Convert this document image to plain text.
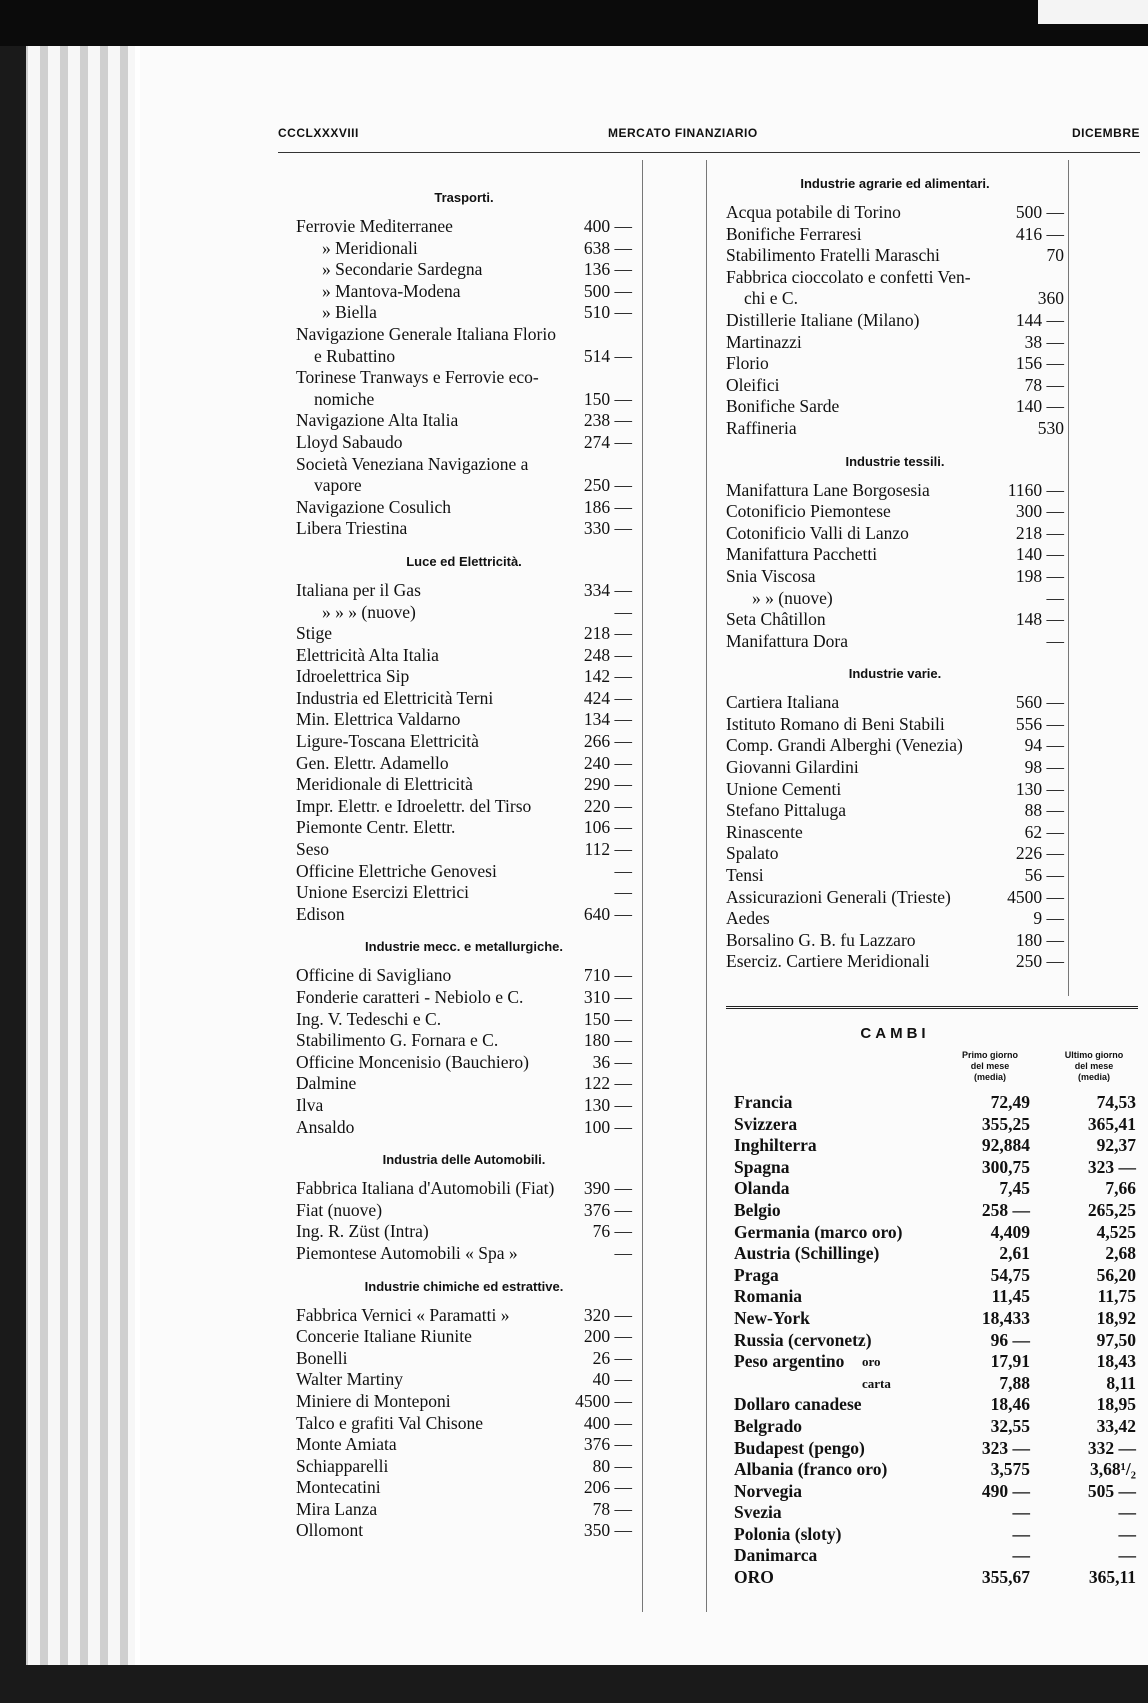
CCCLXXXVIII	MERCATO FINANZIARIO	DICEMBRE
Trasporti.
Ferrovie Mediterranee	400 —
» Meridionali	638 —
» Secondarie Sardegna	136 —
» Mantova-Modena	500 —
» Biella	510 —
Navigazione Generale Italiana Florio
e Rubattino	514 —
Torinese Tranways e Ferrovie eco-
nomiche	150 —
Navigazione Alta Italia	238 —
Lloyd Sabaudo	274 —
Società Veneziana Navigazione a
vapore	250 —
Navigazione Cosulich	186 —
Libera Triestina	330 —
Luce ed Elettricità.
Italiana per il Gas	334 —
» » » (nuove)	—
Stige	218 —
Elettricità Alta Italia	248 —
Idroelettrica Sip	142 —
Industria ed Elettricità Terni	424 —
Min. Elettrica Valdarno	134 —
Ligure-Toscana Elettricità	266 —
Gen. Elettr. Adamello	240 —
Meridionale di Elettricità	290 —
Impr. Elettr. e Idroelettr. del Tirso	220 —
Piemonte Centr. Elettr.	106 —
Seso	112 —
Officine Elettriche Genovesi	—
Unione Esercizi Elettrici	—
Edison	640 —
Industrie mecc. e metallurgiche.
Officine di Savigliano	710 —
Fonderie caratteri - Nebiolo e C.	310 —
Ing. V. Tedeschi e C.	150 —
Stabilimento G. Fornara e C.	180 —
Officine Moncenisio (Bauchiero)	36 —
Dalmine	122 —
Ilva	130 —
Ansaldo	100 —
Industria delle Automobili.
Fabbrica Italiana d'Automobili (Fiat) 390 —
Fiat (nuove)	376 —
Ing. R. Züst (Intra)	76 —
Piemontese Automobili « Spa »	—
Industrie chimiche ed estrattive.
Fabbrica Vernici « Paramatti »	320 —
Concerie Italiane Riunite	200 —
Bonelli	26 —
Walter Martiny	40 —
Miniere di Monteponi	4500 —
Talco e grafiti Val Chisone	400 —
Monte Amiata	376 —
Schiapparelli	80 —
Montecatini	206 —
Mira Lanza	78 —
Ollomont	350 —
Industrie agrarie ed alimentari.
Acqua potabile di Torino	500 —
Bonifiche Ferraresi	416 —
Stabilimento Fratelli Maraschi	70
Fabbrica cioccolato e confetti Ven-
chi e C.	360
Distillerie Italiane (Milano)	144 —
Martinazzi	38 —
Florio	156 —
Oleifici	78 —
Bonifiche Sarde	140 —
Raffineria	530
Industrie tessili.
Manifattura Lane Borgosesia	1160 —
Cotonificio Piemontese	300 —
Cotonificio Valli di Lanzo	218 —
Manifattura Pacchetti	140 —
Snia Viscosa	198 —
» » (nuove)	—
Seta Châtillon	148 —
Manifattura Dora	—
Industrie varie.
Cartiera Italiana	560 —
Istituto Romano di Beni Stabili	556 —
Comp. Grandi Alberghi (Venezia)	94 —
Giovanni Gilardini	98 —
Unione Cementi	130 —
Stefano Pittaluga	88 —
Rinascente	62 —
Spalato	226 —
Tensi	56 —
Assicurazioni Generali (Trieste)	4500 —
Aedes	9 —
Borsalino G. B. fu Lazzaro	180 —
Eserciz. Cartiere Meridionali	250 —
CAMBI
Primo giorno
del mese
(media)
Ultimo giorno
del mese
(media)
Francia	72,49	74,53
Svizzera	355,25	365,41
Inghilterra	92,884	92,37
Spagna	300,75	323 —
Olanda	7,45	7,66
Belgio	258 —	265,25
Germania (marco oro)	4,409	4,525
Austria (Schillinge)	2,61	2,68
Praga	54,75	56,20
Romania	11,45	11,75
New-York	18,433	18,92
Russia (cervonetz)	96 —	97,50
Peso argentino oro	17,91	18,43
carta	7,88	8,11
Dollaro canadese	18,46	18,95
Belgrado	32,55	33,42
Budapest (pengo)	323 —	332 —
Albania (franco oro)	3,575	3,68¹/₂
Norvegia	490 —	505 —
Svezia	—	—
Polonia (sloty)	—	—
Danimarca	—	—
ORO	355,67	365,11
